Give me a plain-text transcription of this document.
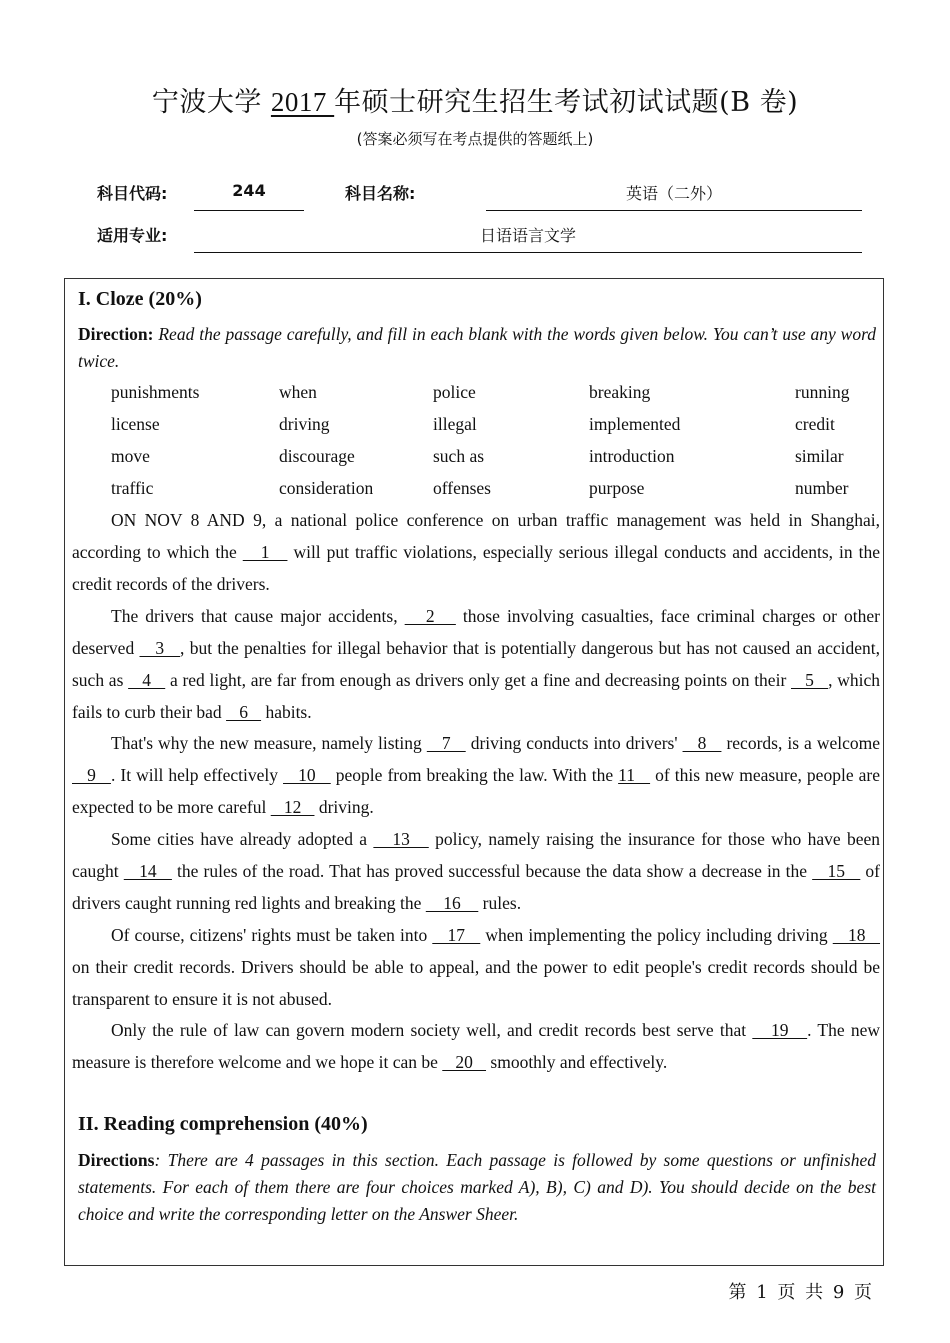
宁波大学 2017 年硕士研究生招生考试初试试题(B 卷)
(答案必须写在考点提供的答题纸上)
科目代码:	244	科目名称:	英语（二外）
适用专业:	日语语言文学
I. Cloze (20%)
Direction: Read the passage carefully, and fill in each blank with the words given below. You can’t use any word twice.
punishments	when	police	breaking	running
license	driving	illegal	implemented	credit
move	discourage	such as	introduction	similar
traffic	consideration	offenses	purpose	number

ON NOV 8 AND 9, a national police conference on urban traffic management was held in Shanghai, according to which the    1    will put traffic violations, especially serious illegal conducts and accidents, in the credit records of the drivers.

The drivers that cause major accidents,    2    those involving casualties, face criminal charges or other deserved    3   , but the penalties for illegal behavior that is potentially dangerous but has not caused an accident, such as    4    a red light, are far from enough as drivers only get a fine and decreasing points on their    5   , which fails to curb their bad    6    habits.

That's why the new measure, namely listing    7    driving conducts into drivers'    8    records, is a welcome    9   . It will help effectively    10    people from breaking the law. With the 11    of this new measure, people are expected to be more careful    12    driving.

Some cities have already adopted a    13    policy, namely raising the insurance for those who have been caught    14    the rules of the road. That has proved successful because the data show a decrease in the    15    of drivers caught running red lights and breaking the     16     rules.

Of course, citizens' rights must be taken into    17    when implementing the policy including driving    18    on their credit records. Drivers should be able to appeal, and the power to edit people's credit records should be transparent to ensure it is not abused.

Only the rule of law can govern modern society well, and credit records best serve that    19   . The new measure is therefore welcome and we hope it can be    20    smoothly and effectively.

II. Reading comprehension (40%)
Directions: There are 4 passages in this section. Each passage is followed by some questions or unfinished statements. For each of them there are four choices marked A), B), C) and D). You should decide on the best choice and write the corresponding letter on the Answer Sheer.
第 1 页 共 9 页
